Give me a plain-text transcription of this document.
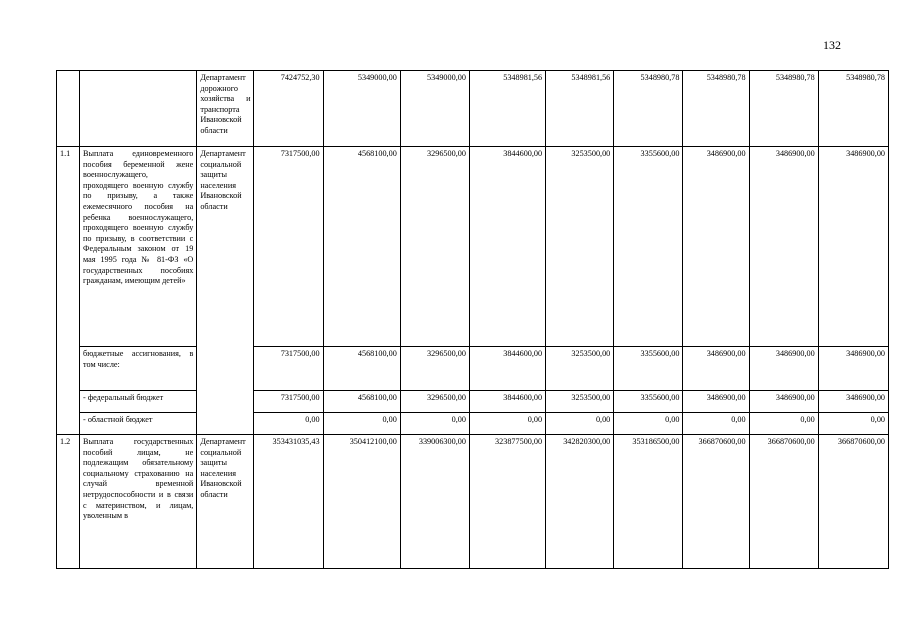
132
		Департамент дорожного хозяйства и транспорта Ивановской области	7424752,30	5349000,00	5349000,00	5348981,56	5348981,56	5348980,78	5348980,78	5348980,78	5348980,78
1.1	Выплата единовременного пособия беременной жене военнослужащего, проходящего военную службу по призыву, а также ежемесячного пособия на ребенка военнослужащего, проходящего военную службу по призыву, в соответствии с Федеральным законом от 19 мая 1995 года № 81-ФЗ «О государственных пособиях гражданам, имеющим детей»	Департамент социальной защиты населения Ивановской области	7317500,00	4568100,00	3296500,00	3844600,00	3253500,00	3355600,00	3486900,00	3486900,00	3486900,00
	бюджетные ассигнования, в том числе:		7317500,00	4568100,00	3296500,00	3844600,00	3253500,00	3355600,00	3486900,00	3486900,00	3486900,00
	- федеральный бюджет		7317500,00	4568100,00	3296500,00	3844600,00	3253500,00	3355600,00	3486900,00	3486900,00	3486900,00
	- областной бюджет		0,00	0,00	0,00	0,00	0,00	0,00	0,00	0,00	0,00
1.2	Выплата государственных пособий лицам, не подлежащим обязательному социальному страхованию на случай временной нетрудоспособности и в связи с материнством, и лицам, уволенным в	Департамент социальной защиты населения Ивановской области	353431035,43	350412100,00	339006300,00	323877500,00	342820300,00	353186500,00	366870600,00	366870600,00	366870600,00
